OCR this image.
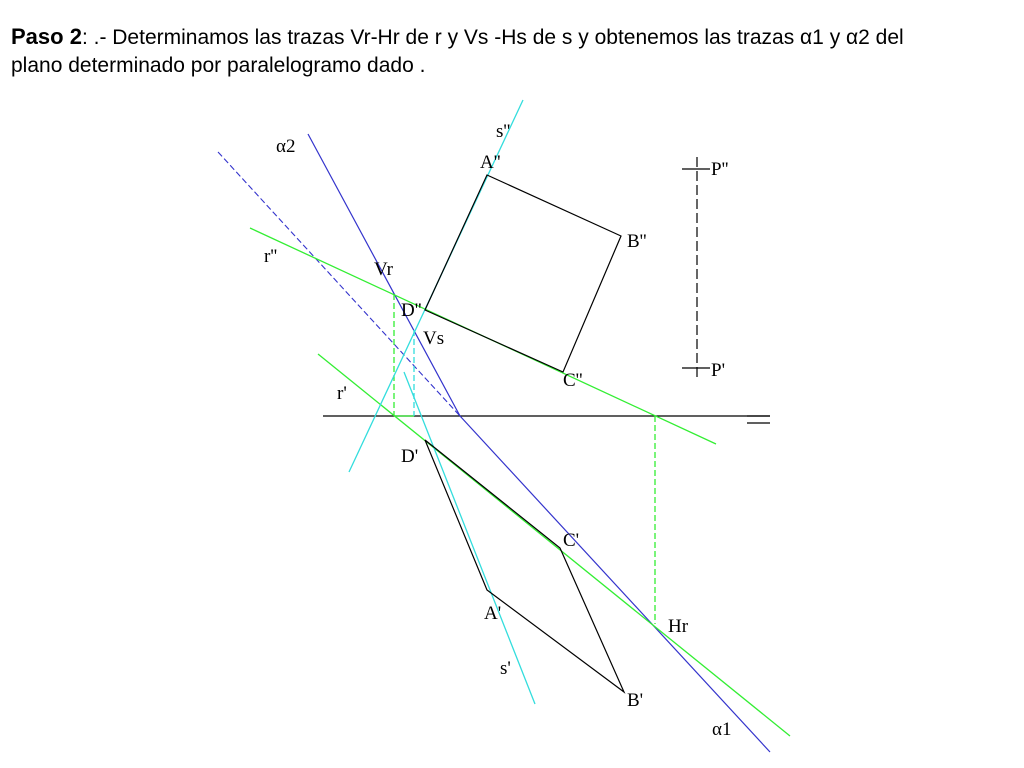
Paso 2: .- Determinamos las trazas Vr-Hr de r y Vs -Hs de s y obtenemos las trazas α1 y α2 del
plano determinado por paralelogramo dado .
α2
s''
A''
B''
r''
Vr
D''
Vs
C''
r'
D'
C'
A'
Hr
s'
B'
α1
P''
P'
